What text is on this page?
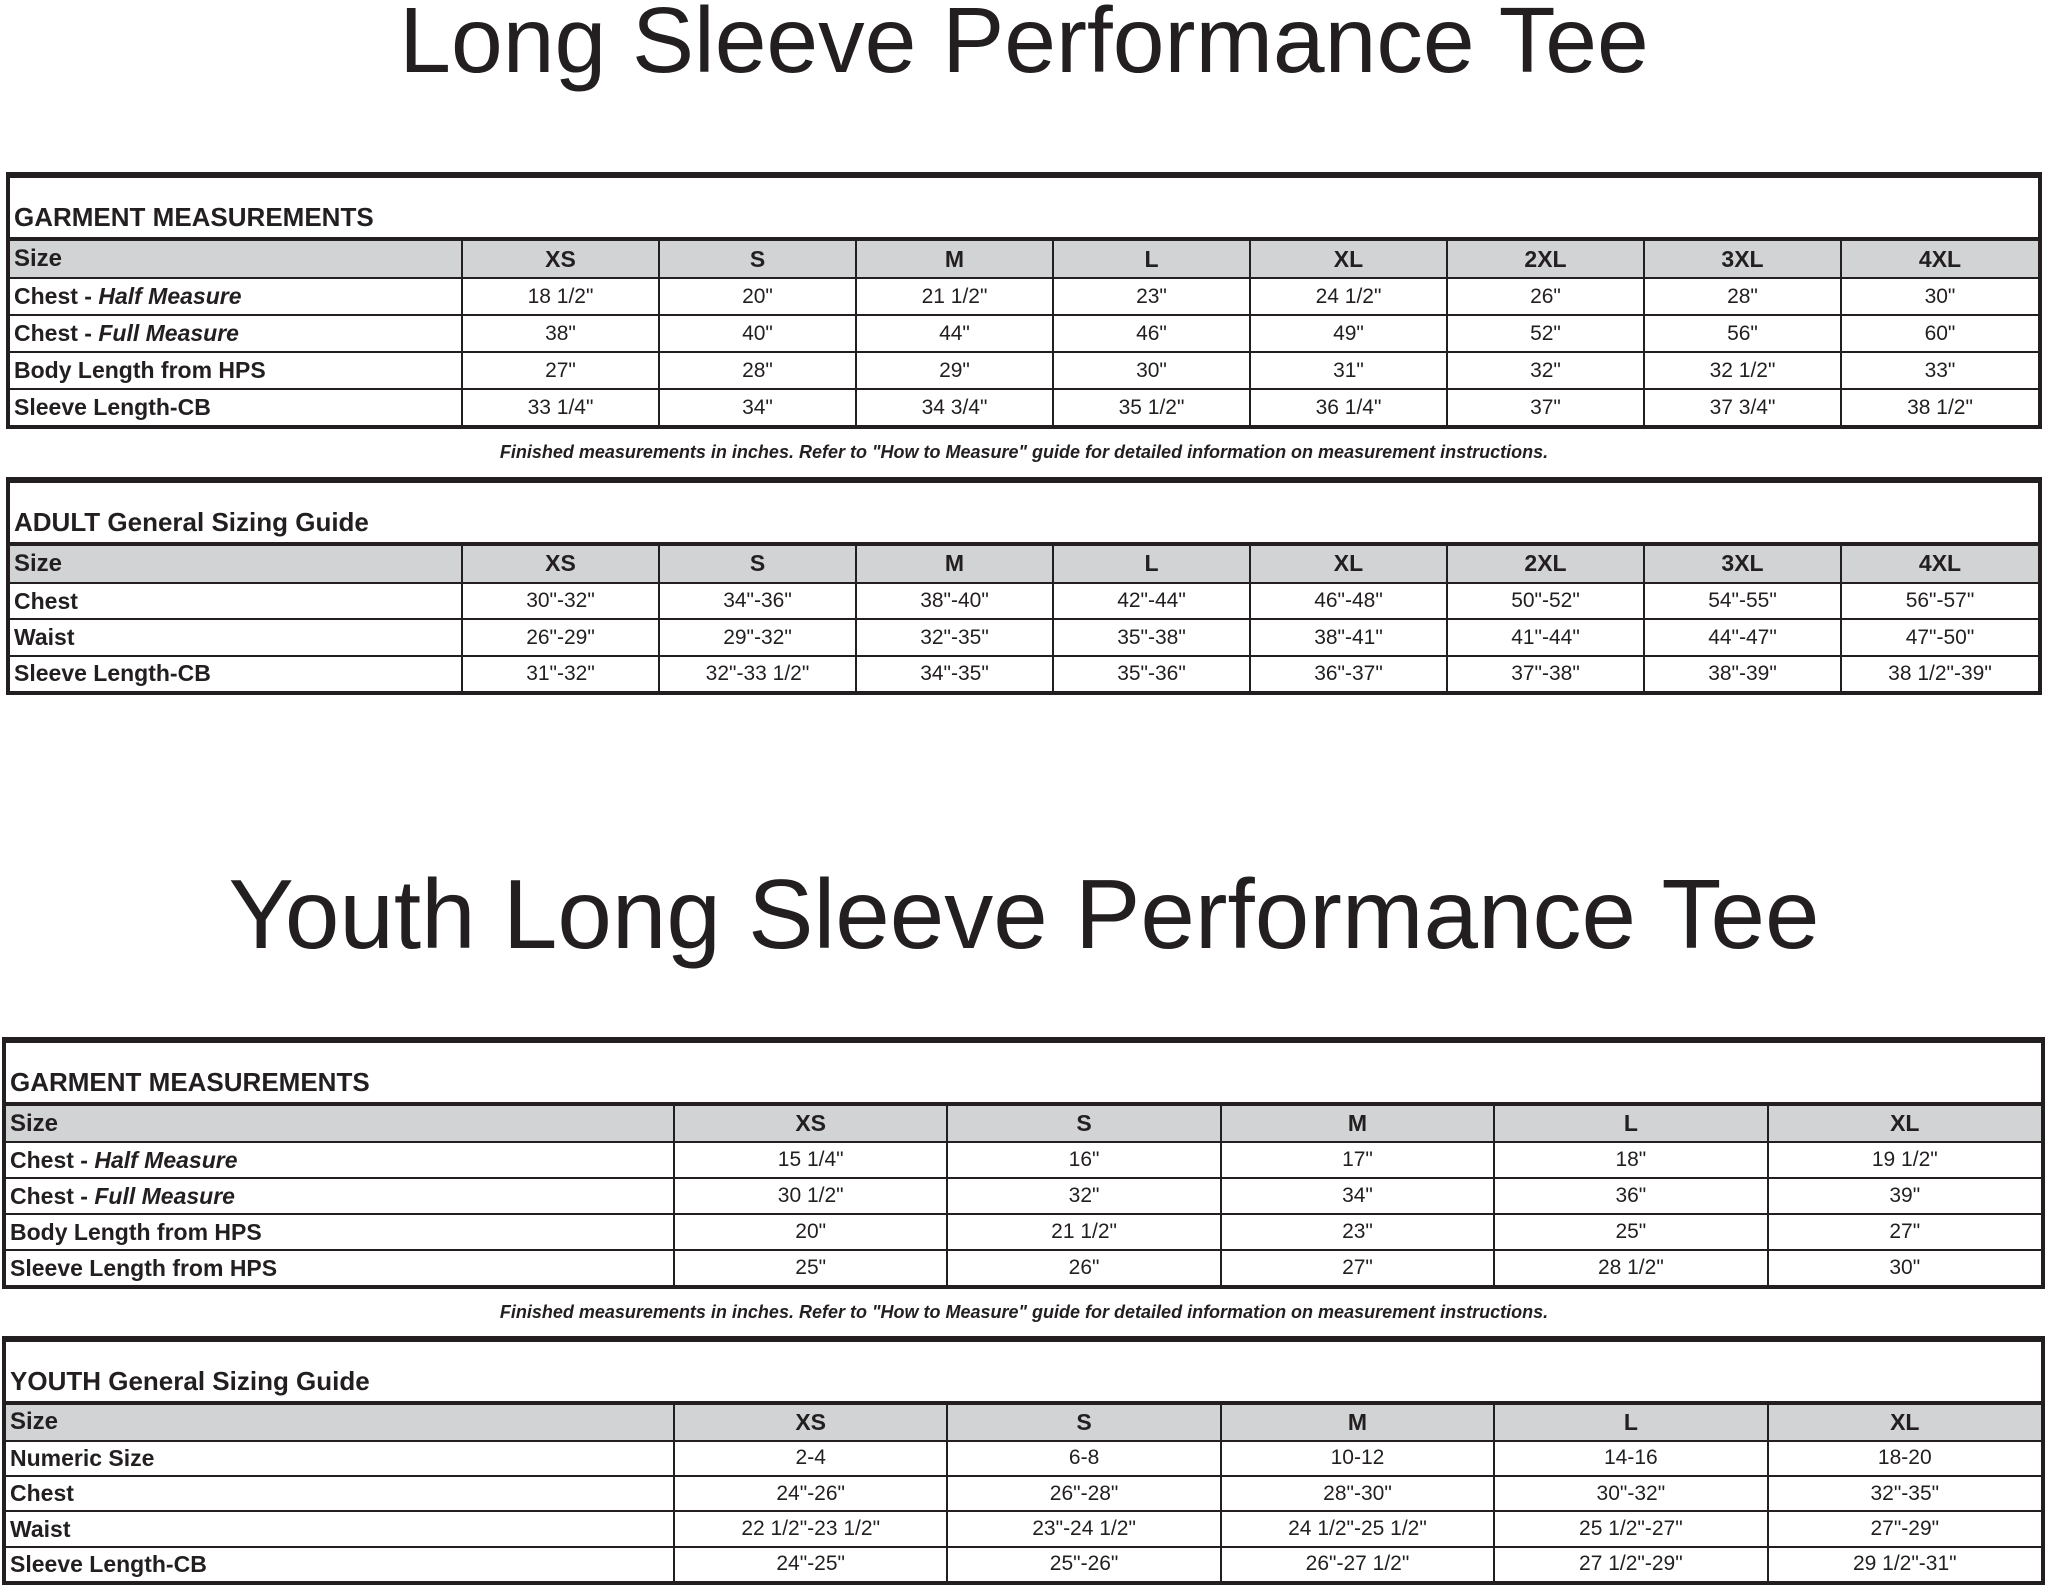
Long Sleeve Performance Tee
GARMENT MEASUREMENTS								
Size	XS	S	M	L	XL	2XL	3XL	4XL
Chest - Half Measure	18 1/2"	20"	21 1/2"	23"	24 1/2"	26"	28"	30"
Chest - Full Measure	38"	40"	44"	46"	49"	52"	56"	60"
Body Length from HPS	27"	28"	29"	30"	31"	32"	32 1/2"	33"
Sleeve Length-CB	33 1/4"	34"	34 3/4"	35 1/2"	36 1/4"	37"	37 3/4"	38 1/2"
Finished measurements in inches. Refer to "How to Measure" guide for detailed information on measurement instructions.
ADULT General Sizing Guide								
Size	XS	S	M	L	XL	2XL	3XL	4XL
Chest	30"-32"	34"-36"	38"-40"	42"-44"	46"-48"	50"-52"	54"-55"	56"-57"
Waist	26"-29"	29"-32"	32"-35"	35"-38"	38"-41"	41"-44"	44"-47"	47"-50"
Sleeve Length-CB	31"-32"	32"-33 1/2"	34"-35"	35"-36"	36"-37"	37"-38"	38"-39"	38 1/2"-39"
Youth Long Sleeve Performance Tee
GARMENT MEASUREMENTS					
Size	XS	S	M	L	XL
Chest - Half Measure	15 1/4"	16"	17"	18"	19 1/2"
Chest - Full Measure	30 1/2"	32"	34"	36"	39"
Body Length from HPS	20"	21 1/2"	23"	25"	27"
Sleeve Length from HPS	25"	26"	27"	28 1/2"	30"
Finished measurements in inches. Refer to "How to Measure" guide for detailed information on measurement instructions.
YOUTH General Sizing Guide					
Size	XS	S	M	L	XL
Numeric Size	2-4	6-8	10-12	14-16	18-20
Chest	24"-26"	26"-28"	28"-30"	30"-32"	32"-35"
Waist	22 1/2"-23 1/2"	23"-24 1/2"	24 1/2"-25 1/2"	25 1/2"-27"	27"-29"
Sleeve Length-CB	24"-25"	25"-26"	26"-27 1/2"	27 1/2"-29"	29 1/2"-31"
